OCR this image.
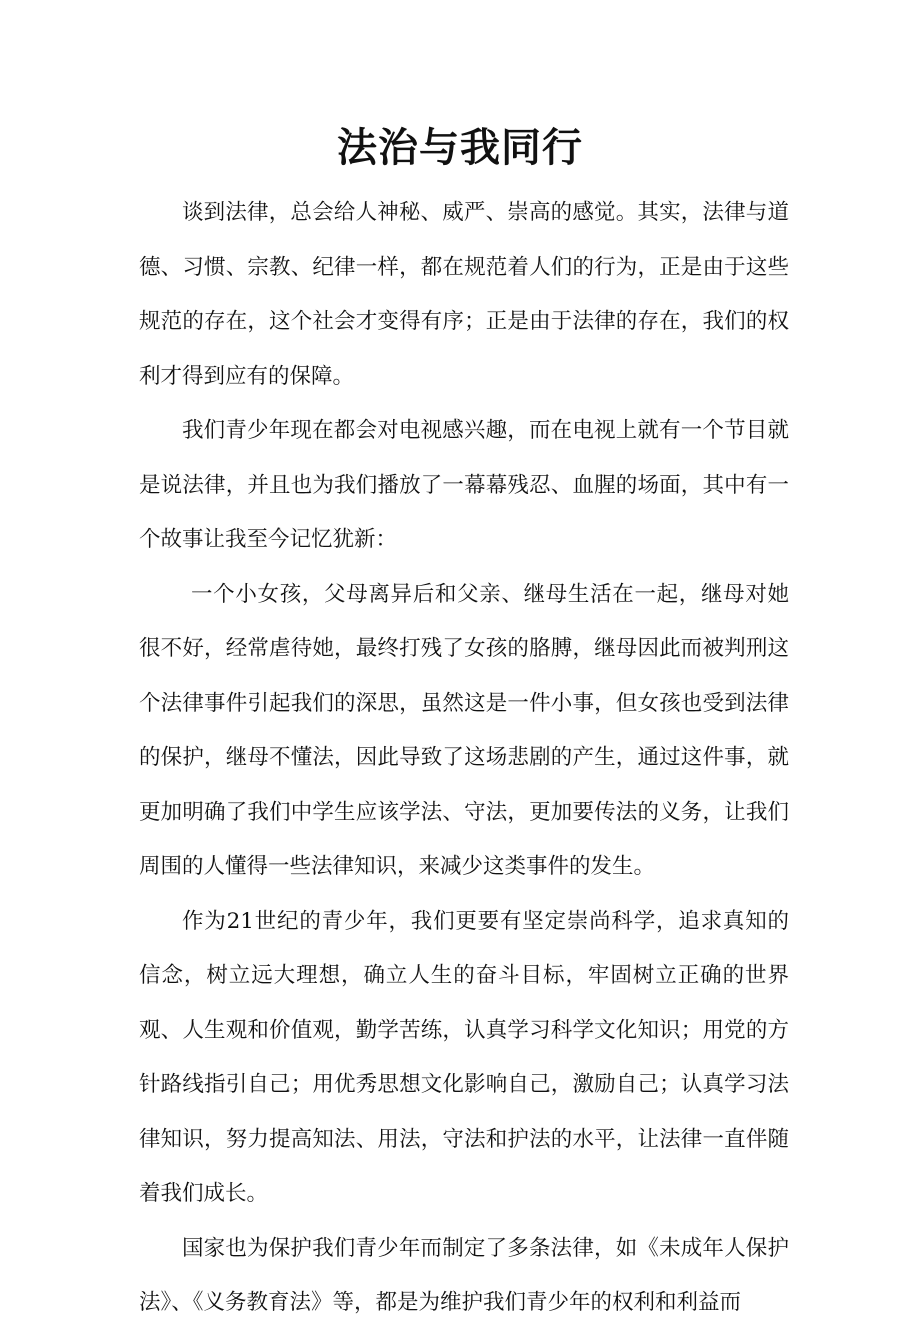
法治与我同行

谈到法律，总会给人神秘、威严、崇高的感觉。其实，法律与道德、习惯、宗教、纪律一样，都在规范着人们的行为，正是由于这些规范的存在，这个社会才变得有序；正是由于法律的存在，我们的权利才得到应有的保障。

我们青少年现在都会对电视感兴趣，而在电视上就有一个节目就是说法律，并且也为我们播放了一幕幕残忍、血腥的场面，其中有一个故事让我至今记忆犹新：

一个小女孩，父母离异后和父亲、继母生活在一起，继母对她很不好，经常虐待她，最终打残了女孩的胳膊，继母因此而被判刑这个法律事件引起我们的深思，虽然这是一件小事，但女孩也受到法律的保护，继母不懂法，因此导致了这场悲剧的产生，通过这件事，就更加明确了我们中学生应该学法、守法，更加要传法的义务，让我们周围的人懂得一些法律知识，来减少这类事件的发生。

作为21世纪的青少年，我们更要有坚定崇尚科学，追求真知的信念，树立远大理想，确立人生的奋斗目标，牢固树立正确的世界观、人生观和价值观，勤学苦练，认真学习科学文化知识；用党的方针路线指引自己；用优秀思想文化影响自己，激励自己；认真学习法律知识，努力提高知法、用法，守法和护法的水平，让法律一直伴随着我们成长。

国家也为保护我们青少年而制定了多条法律，如《未成年人保护法》、《义务教育法》等，都是为维护我们青少年的权利和利益而
